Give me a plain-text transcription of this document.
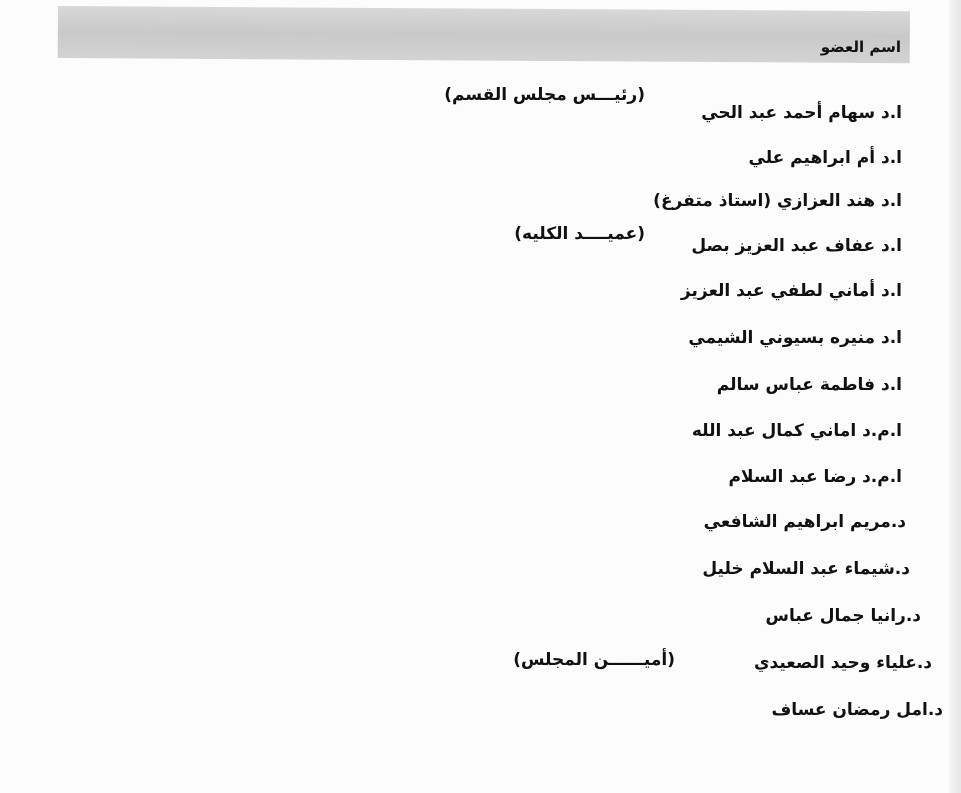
اسم العضو
ا.د سهام أحمد عبد الحي
(رئيـــس مجلس القسم)
ا.د أم ابراهيم علي
ا.د هند العزازي (استاذ متفرغ)
ا.د عفاف عبد العزيز بصل
(عميــــد الكليه)
ا.د أماني لطفي عبد العزيز
ا.د منيره بسيوني الشيمي
ا.د فاطمة عباس سالم
ا.م.د اماني كمال عبد الله
ا.م.د رضا عبد السلام
د.مريم ابراهيم الشافعي
د.شيماء عبد السلام خليل
د.رانيا جمال عباس
د.علياء وحيد الصعيدي
(أميــــــن المجلس)
د.امل رمضان عساف
